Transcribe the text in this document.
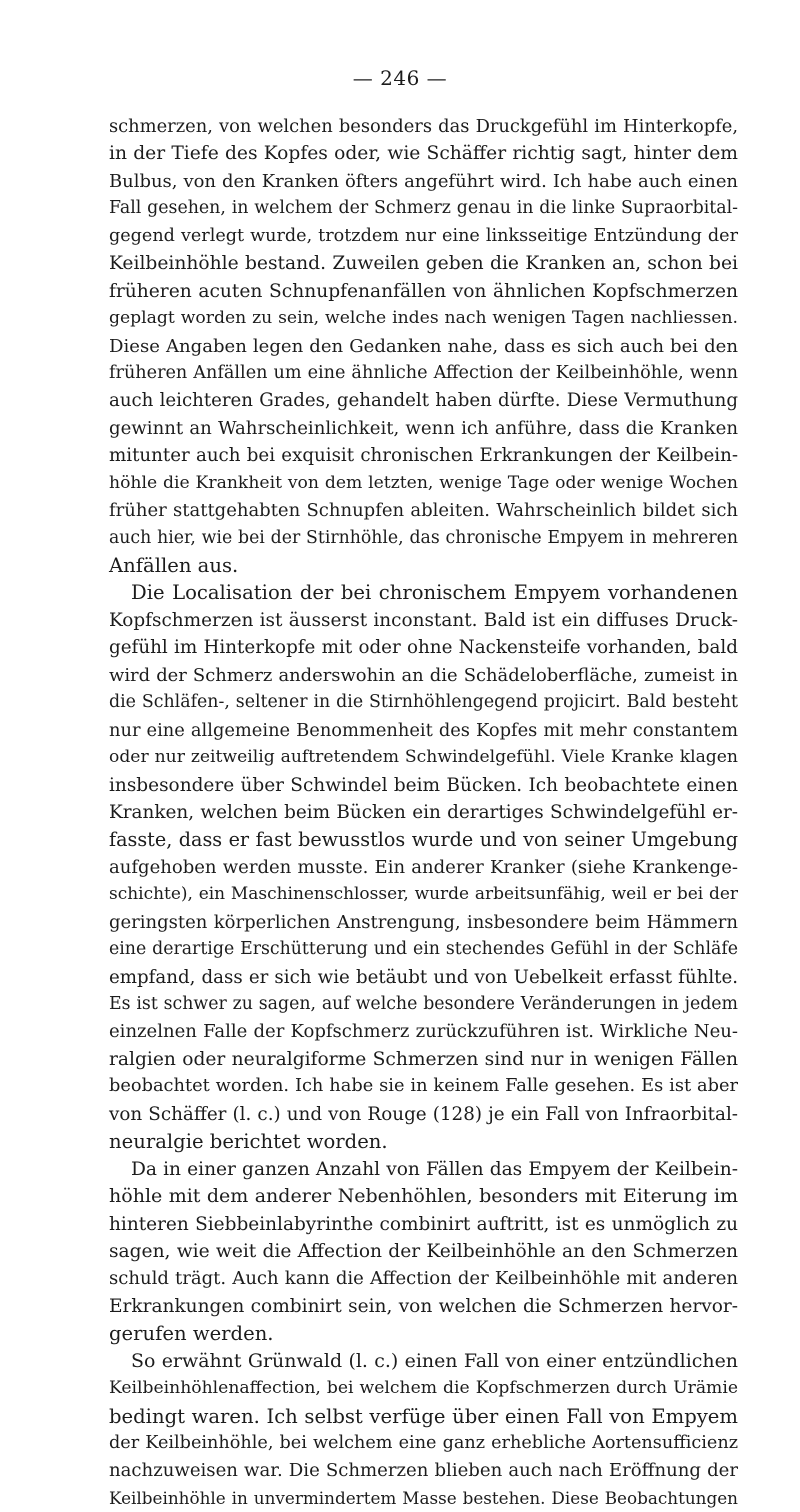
— 246 —
schmerzen, von welchen besonders das Druckgefühl im Hinterkopfe,
in der Tiefe des Kopfes oder, wie Schäffer richtig sagt, hinter dem
Bulbus, von den Kranken öfters angeführt wird. Ich habe auch einen
Fall gesehen, in welchem der Schmerz genau in die linke Supraorbital-
gegend verlegt wurde, trotzdem nur eine linksseitige Entzündung der
Keilbeinhöhle bestand. Zuweilen geben die Kranken an, schon bei
früheren acuten Schnupfenanfällen von ähnlichen Kopfschmerzen
geplagt worden zu sein, welche indes nach wenigen Tagen nachliessen.
Diese Angaben legen den Gedanken nahe, dass es sich auch bei den
früheren Anfällen um eine ähnliche Affection der Keilbeinhöhle, wenn
auch leichteren Grades, gehandelt haben dürfte. Diese Vermuthung
gewinnt an Wahrscheinlichkeit, wenn ich anführe, dass die Kranken
mitunter auch bei exquisit chronischen Erkrankungen der Keilbein-
höhle die Krankheit von dem letzten, wenige Tage oder wenige Wochen
früher stattgehabten Schnupfen ableiten. Wahrscheinlich bildet sich
auch hier, wie bei der Stirnhöhle, das chronische Empyem in mehreren
Anfällen aus.
Die Localisation der bei chronischem Empyem vorhandenen
Kopfschmerzen ist äusserst inconstant. Bald ist ein diffuses Druck-
gefühl im Hinterkopfe mit oder ohne Nackensteife vorhanden, bald
wird der Schmerz anderswohin an die Schädeloberfläche, zumeist in
die Schläfen-, seltener in die Stirnhöhlengegend projicirt. Bald besteht
nur eine allgemeine Benommenheit des Kopfes mit mehr constantem
oder nur zeitweilig auftretendem Schwindelgefühl. Viele Kranke klagen
insbesondere über Schwindel beim Bücken. Ich beobachtete einen
Kranken, welchen beim Bücken ein derartiges Schwindelgefühl er-
fasste, dass er fast bewusstlos wurde und von seiner Umgebung
aufgehoben werden musste. Ein anderer Kranker (siehe Krankenge-
schichte), ein Maschinenschlosser, wurde arbeitsunfähig, weil er bei der
geringsten körperlichen Anstrengung, insbesondere beim Hämmern
eine derartige Erschütterung und ein stechendes Gefühl in der Schläfe
empfand, dass er sich wie betäubt und von Uebelkeit erfasst fühlte.
Es ist schwer zu sagen, auf welche besondere Veränderungen in jedem
einzelnen Falle der Kopfschmerz zurückzuführen ist. Wirkliche Neu-
ralgien oder neuralgiforme Schmerzen sind nur in wenigen Fällen
beobachtet worden. Ich habe sie in keinem Falle gesehen. Es ist aber
von Schäffer (l. c.) und von Rouge (128) je ein Fall von Infraorbital-
neuralgie berichtet worden.
Da in einer ganzen Anzahl von Fällen das Empyem der Keilbein-
höhle mit dem anderer Nebenhöhlen, besonders mit Eiterung im
hinteren Siebbeinlabyrinthe combinirt auftritt, ist es unmöglich zu
sagen, wie weit die Affection der Keilbeinhöhle an den Schmerzen
schuld trägt. Auch kann die Affection der Keilbeinhöhle mit anderen
Erkrankungen combinirt sein, von welchen die Schmerzen hervor-
gerufen werden.
So erwähnt Grünwald (l. c.) einen Fall von einer entzündlichen
Keilbeinhöhlenaffection, bei welchem die Kopfschmerzen durch Urämie
bedingt waren. Ich selbst verfüge über einen Fall von Empyem
der Keilbeinhöhle, bei welchem eine ganz erhebliche Aortensufficienz
nachzuweisen war. Die Schmerzen blieben auch nach Eröffnung der
Keilbeinhöhle in unvermindertem Masse bestehen. Diese Beobachtungen
